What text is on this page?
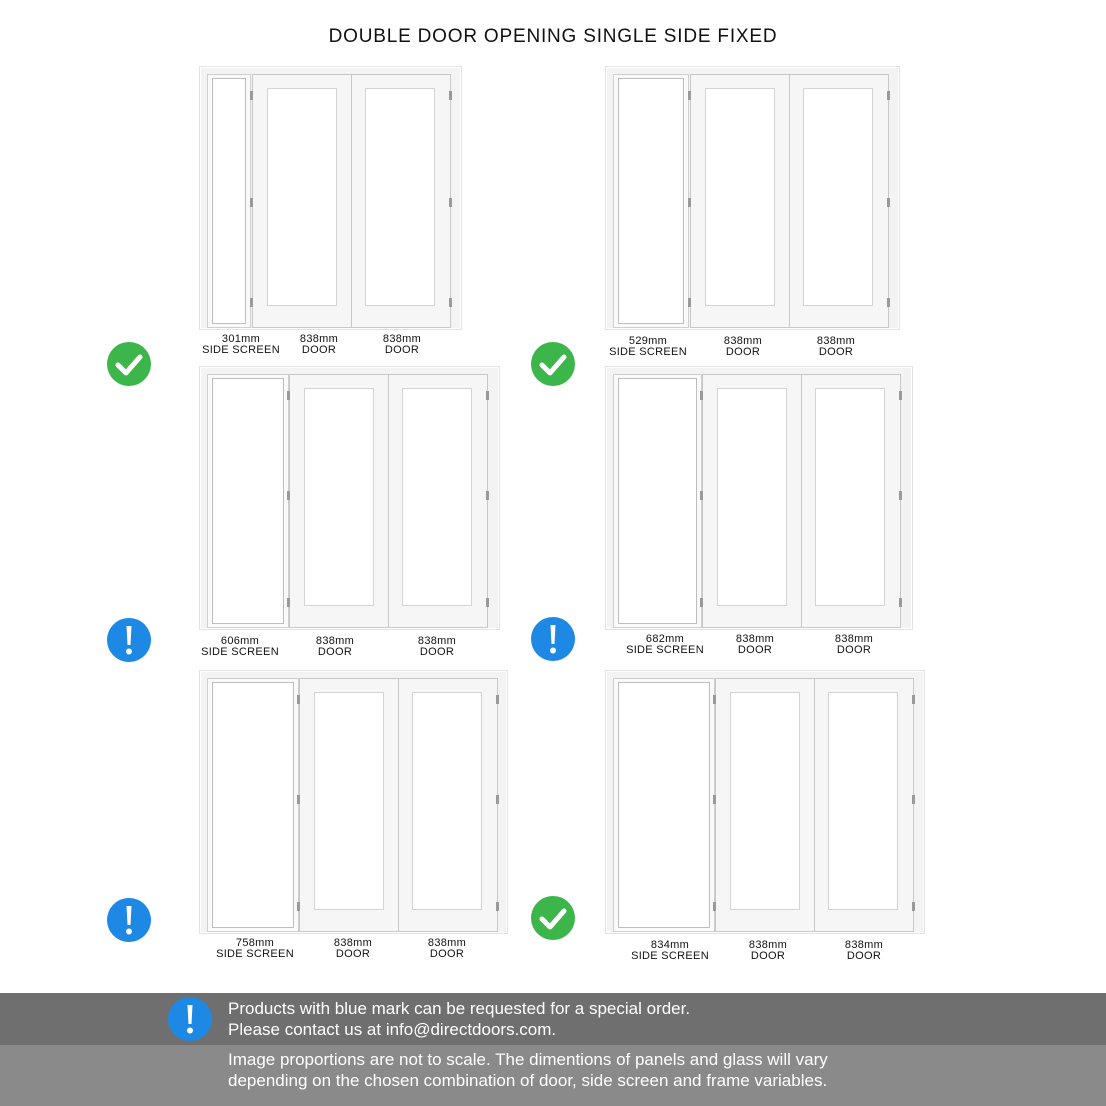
DOUBLE DOOR OPENING SINGLE SIDE FIXED
301mm
SIDE SCREEN
838mm
DOOR
838mm
DOOR
529mm
SIDE SCREEN
838mm
DOOR
838mm
DOOR
606mm
SIDE SCREEN
838mm
DOOR
838mm
DOOR
682mm
SIDE SCREEN
838mm
DOOR
838mm
DOOR
758mm
SIDE SCREEN
838mm
DOOR
838mm
DOOR
834mm
SIDE SCREEN
838mm
DOOR
838mm
DOOR
Products with blue mark can be requested for a special order.
Please contact us at info@directdoors.com.
Image proportions are not to scale. The dimentions of panels and glass will vary
depending on the chosen combination of door, side screen and frame variables.
